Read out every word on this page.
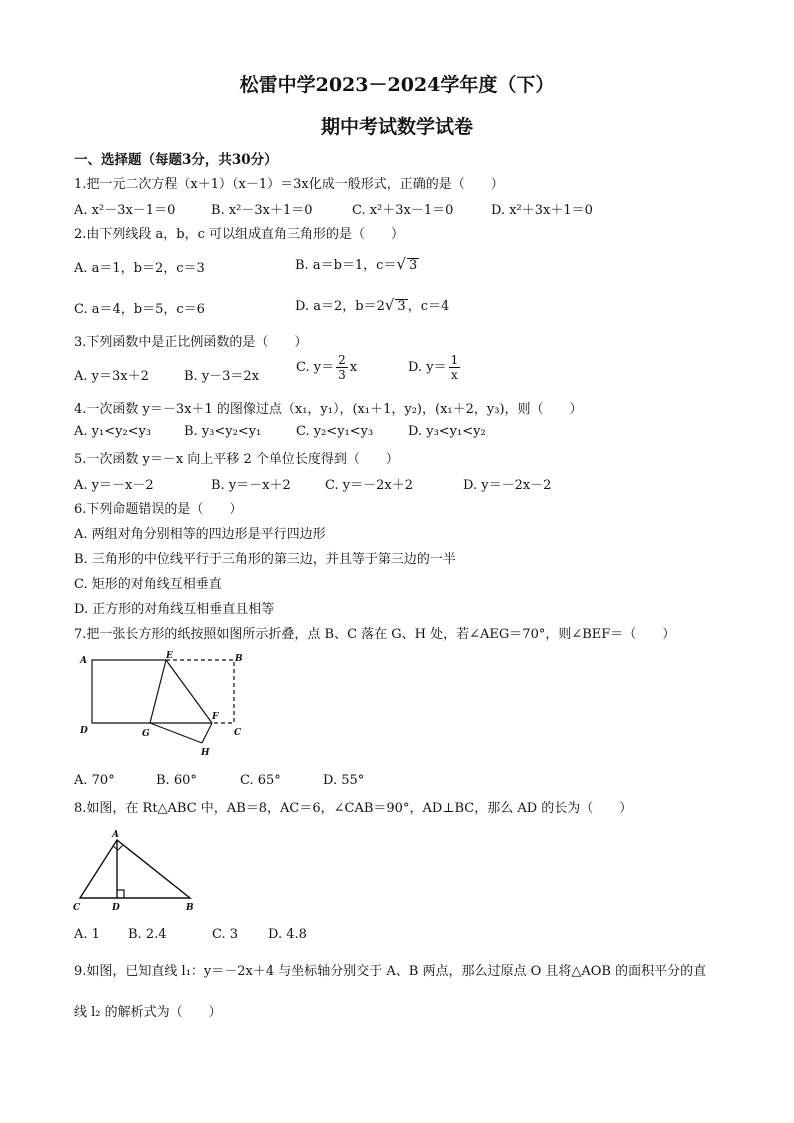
松雷中学2023－2024学年度（下）
期中考试数学试卷
一、选择题（每题3分，共30分）
1.把一元二次方程（x＋1）（x－1）＝3x化成一般形式，正确的是（　　）
A. x²－3x－1＝0	B. x²－3x＋1＝0	C. x²＋3x－1＝0	D. x²＋3x＋1＝0
2.由下列线段 a，b，c 可以组成直角三角形的是（　　）
A. a＝1，b＝2，c＝3	B. a＝b＝1，c＝√ 3
C. a＝4，b＝5，c＝6	D. a＝2，b＝2√ 3 ，c＝4
3.下列函数中是正比例函数的是（　　）
A. y＝3x＋2	B. y－3＝2x
C. $y= \frac{2}{3}$ x	D. $y= \frac{1}{x}$
4.一次函数 y＝－3x＋1 的图像过点（x₁，y₁），(x₁＋1，y₂)，(x₁＋2，y₃)，则（　　）
A. y₁<y₂<y₃	B. y₃<y₂<y₁	C. y₂<y₁<y₃	D. y₃<y₁<y₂
5.一次函数 y＝－x 向上平移 2 个单位长度得到（　　）
A. y＝－x－2	B. y＝－x＋2	C. y＝－2x＋2	D. y＝－2x－2
6.下列命题错误的是（　　）
A. 两组对角分别相等的四边形是平行四边形
B. 三角形的中位线平行于三角形的第三边，并且等于第三边的一半
C. 矩形的对角线互相垂直
D. 正方形的对角线互相垂直且相等
7.把一张长方形的纸按照如图所示折叠，点 B、C 落在 G、H 处，若∠AEG＝70°，则∠BEF＝（　　）
A	E	B
F
D	G	C
H
A. 70°	B. 60°	C. 65°	D. 55°
8.如图，在 Rt△ABC 中，AB＝8，AC＝6，∠CAB＝90°，AD⊥BC，那么 AD 的长为（　　）
A
C	D	B
A. 1 B. 2.4	C. 3 D. 4.8
9.如图，已知直线 l₁：y＝－2x＋4 与坐标轴分别交于 A、B 两点，那么过原点 O 且将△AOB 的面积平分的直
线 l₂ 的解析式为（　　）
